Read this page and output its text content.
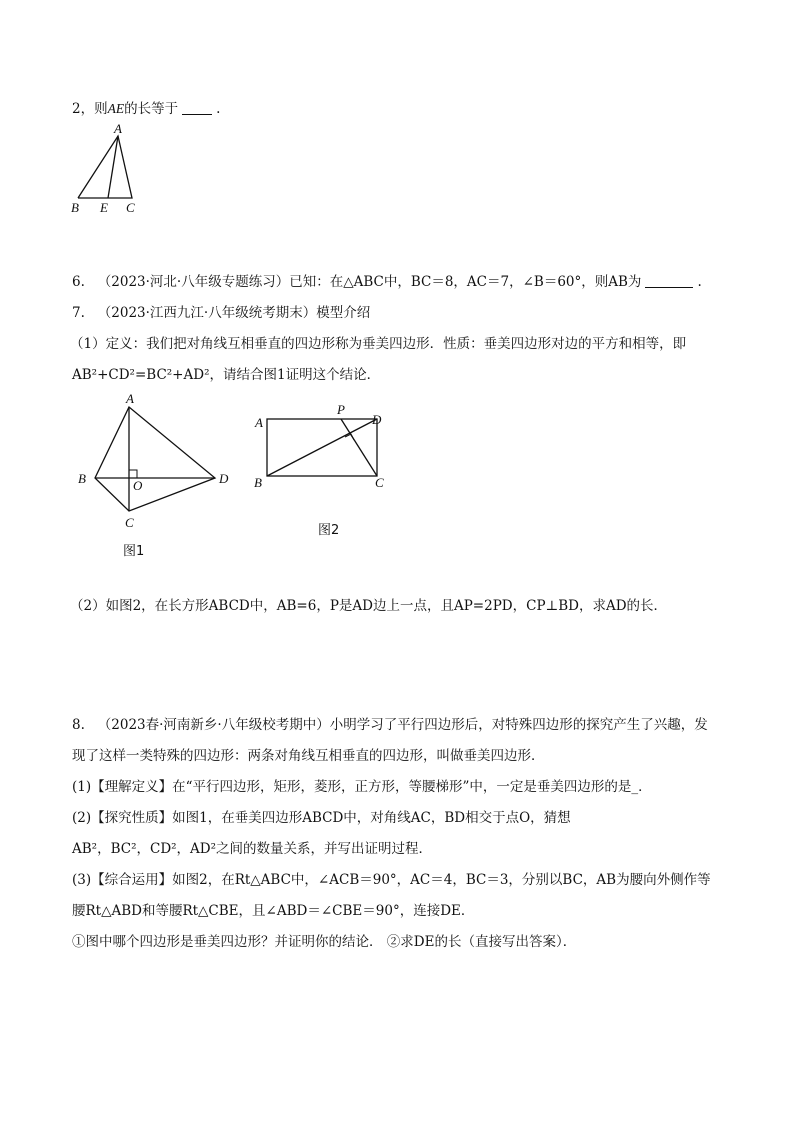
2，则AE的长等于	.
A
B E C
6. （2023·河北·八年级专题练习）已知：在△ABC中，BC＝8，AC＝7，∠B＝60°，则AB为	.
7. （2023·江西九江·八年级统考期末）模型介绍
（1）定义：我们把对角线互相垂直的四边形称为垂美四边形．性质：垂美四边形对边的平方和相等，即
AB²+CD²=BC²+AD²，请结合图1证明这个结论．
A
B	O	D
C
图1
A
P
D
B	C
图2
（2）如图2，在长方形ABCD中，AB=6，P是AD边上一点，且AP=2PD，CP⊥BD，求AD的长．
8. （2023春·河南新乡·八年级校考期中）小明学习了平行四边形后，对特殊四边形的探究产生了兴趣，发
现了这样一类特殊的四边形：两条对角线互相垂直的四边形，叫做垂美四边形．
(1)【理解定义】在“平行四边形，矩形，菱形，正方形，等腰梯形”中，一定是垂美四边形的是_．
(2)【探究性质】如图1，在垂美四边形ABCD中，对角线AC，BD相交于点O，猜想
AB²，BC²，CD²，AD²之间的数量关系，并写出证明过程．
(3)【综合运用】如图2，在Rt△ABC中，∠ACB＝90°，AC＝4，BC＝3，分别以BC，AB为腰向外侧作等
腰Rt△ABD和等腰Rt△CBE，且∠ABD＝∠CBE＝90°，连接DE．
①图中哪个四边形是垂美四边形？并证明你的结论． ②求DE的长（直接写出答案）．
